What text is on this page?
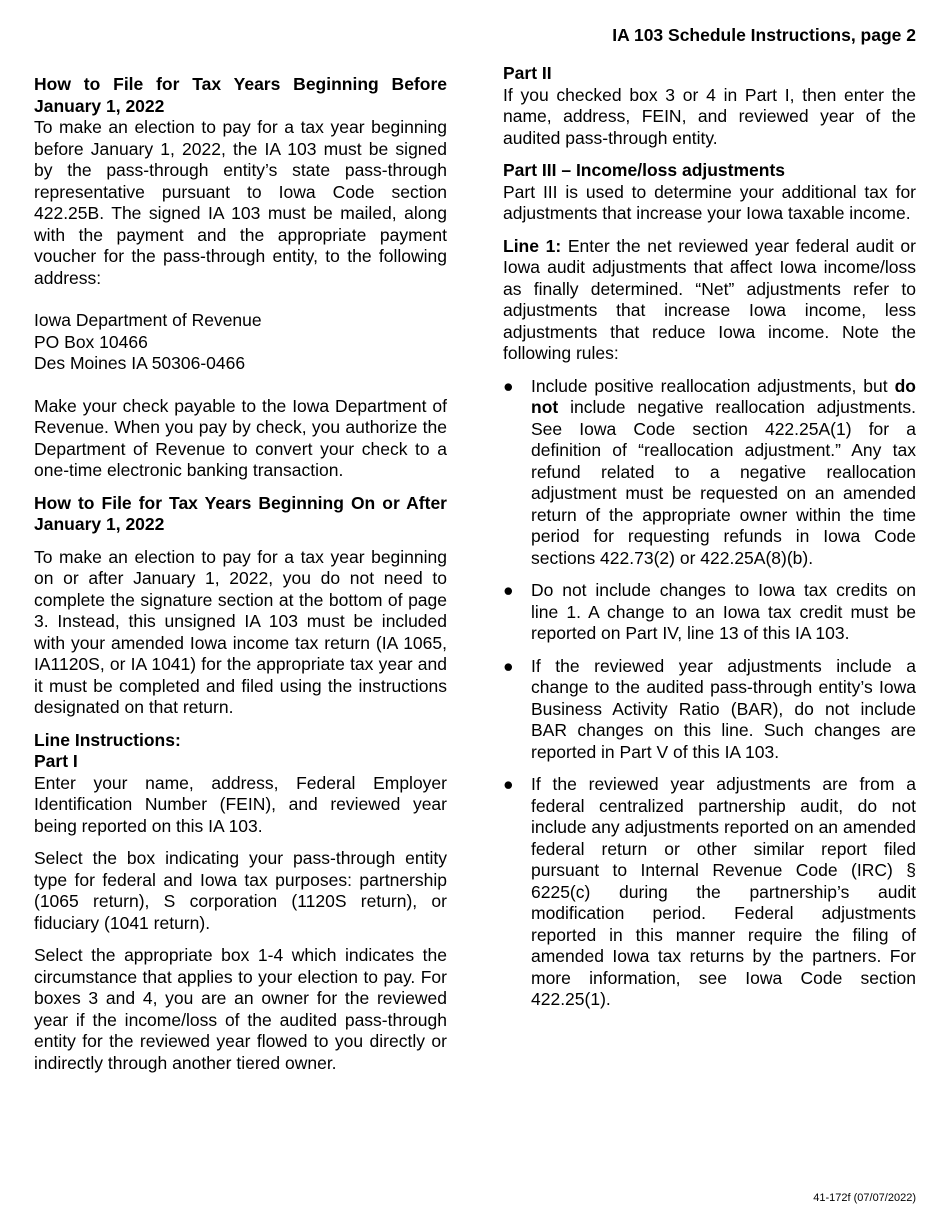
IA 103 Schedule Instructions, page 2

How to File for Tax Years Beginning Before January 1, 2022
To make an election to pay for a tax year beginning before January 1, 2022, the IA 103 must be signed by the pass-through entity’s state pass-through representative pursuant to Iowa Code section 422.25B. The signed IA 103 must be mailed, along with the payment and the appropriate payment voucher for the pass-through entity, to the following address:

Iowa Department of Revenue
PO Box 10466
Des Moines IA 50306-0466

Make your check payable to the Iowa Department of Revenue. When you pay by check, you authorize the Department of Revenue to convert your check to a one-time electronic banking transaction.

How to File for Tax Years Beginning On or After January 1, 2022

To make an election to pay for a tax year beginning on or after January 1, 2022, you do not need to complete the signature section at the bottom of page 3. Instead, this unsigned IA 103 must be included with your amended Iowa income tax return (IA 1065, IA1120S, or IA 1041) for the appropriate tax year and it must be completed and filed using the instructions designated on that return.

Line Instructions:
Part I
Enter your name, address, Federal Employer Identification Number (FEIN), and reviewed year being reported on this IA 103.

Select the box indicating your pass-through entity type for federal and Iowa tax purposes: partnership (1065 return), S corporation (1120S return), or fiduciary (1041 return).

Select the appropriate box 1-4 which indicates the circumstance that applies to your election to pay. For boxes 3 and 4, you are an owner for the reviewed year if the income/loss of the audited pass-through entity for the reviewed year flowed to you directly or indirectly through another tiered owner.

Part II
If you checked box 3 or 4 in Part I, then enter the name, address, FEIN, and reviewed year of the audited pass-through entity.

Part III – Income/loss adjustments
Part III is used to determine your additional tax for adjustments that increase your Iowa taxable income.

Line 1: Enter the net reviewed year federal audit or Iowa audit adjustments that affect Iowa income/loss as finally determined. “Net” adjustments refer to adjustments that increase Iowa income, less adjustments that reduce Iowa income. Note the following rules:

● Include positive reallocation adjustments, but do not include negative reallocation adjustments. See Iowa Code section 422.25A(1) for a definition of “reallocation adjustment.” Any tax refund related to a negative reallocation adjustment must be requested on an amended return of the appropriate owner within the time period for requesting refunds in Iowa Code sections 422.73(2) or 422.25A(8)(b).
● Do not include changes to Iowa tax credits on line 1. A change to an Iowa tax credit must be reported on Part IV, line 13 of this IA 103.
● If the reviewed year adjustments include a change to the audited pass-through entity’s Iowa Business Activity Ratio (BAR), do not include BAR changes on this line. Such changes are reported in Part V of this IA 103.
● If the reviewed year adjustments are from a federal centralized partnership audit, do not include any adjustments reported on an amended federal return or other similar report filed pursuant to Internal Revenue Code (IRC) § 6225(c) during the partnership’s audit modification period. Federal adjustments reported in this manner require the filing of amended Iowa tax returns by the partners. For more information, see Iowa Code section 422.25(1).
41-172f (07/07/2022)
